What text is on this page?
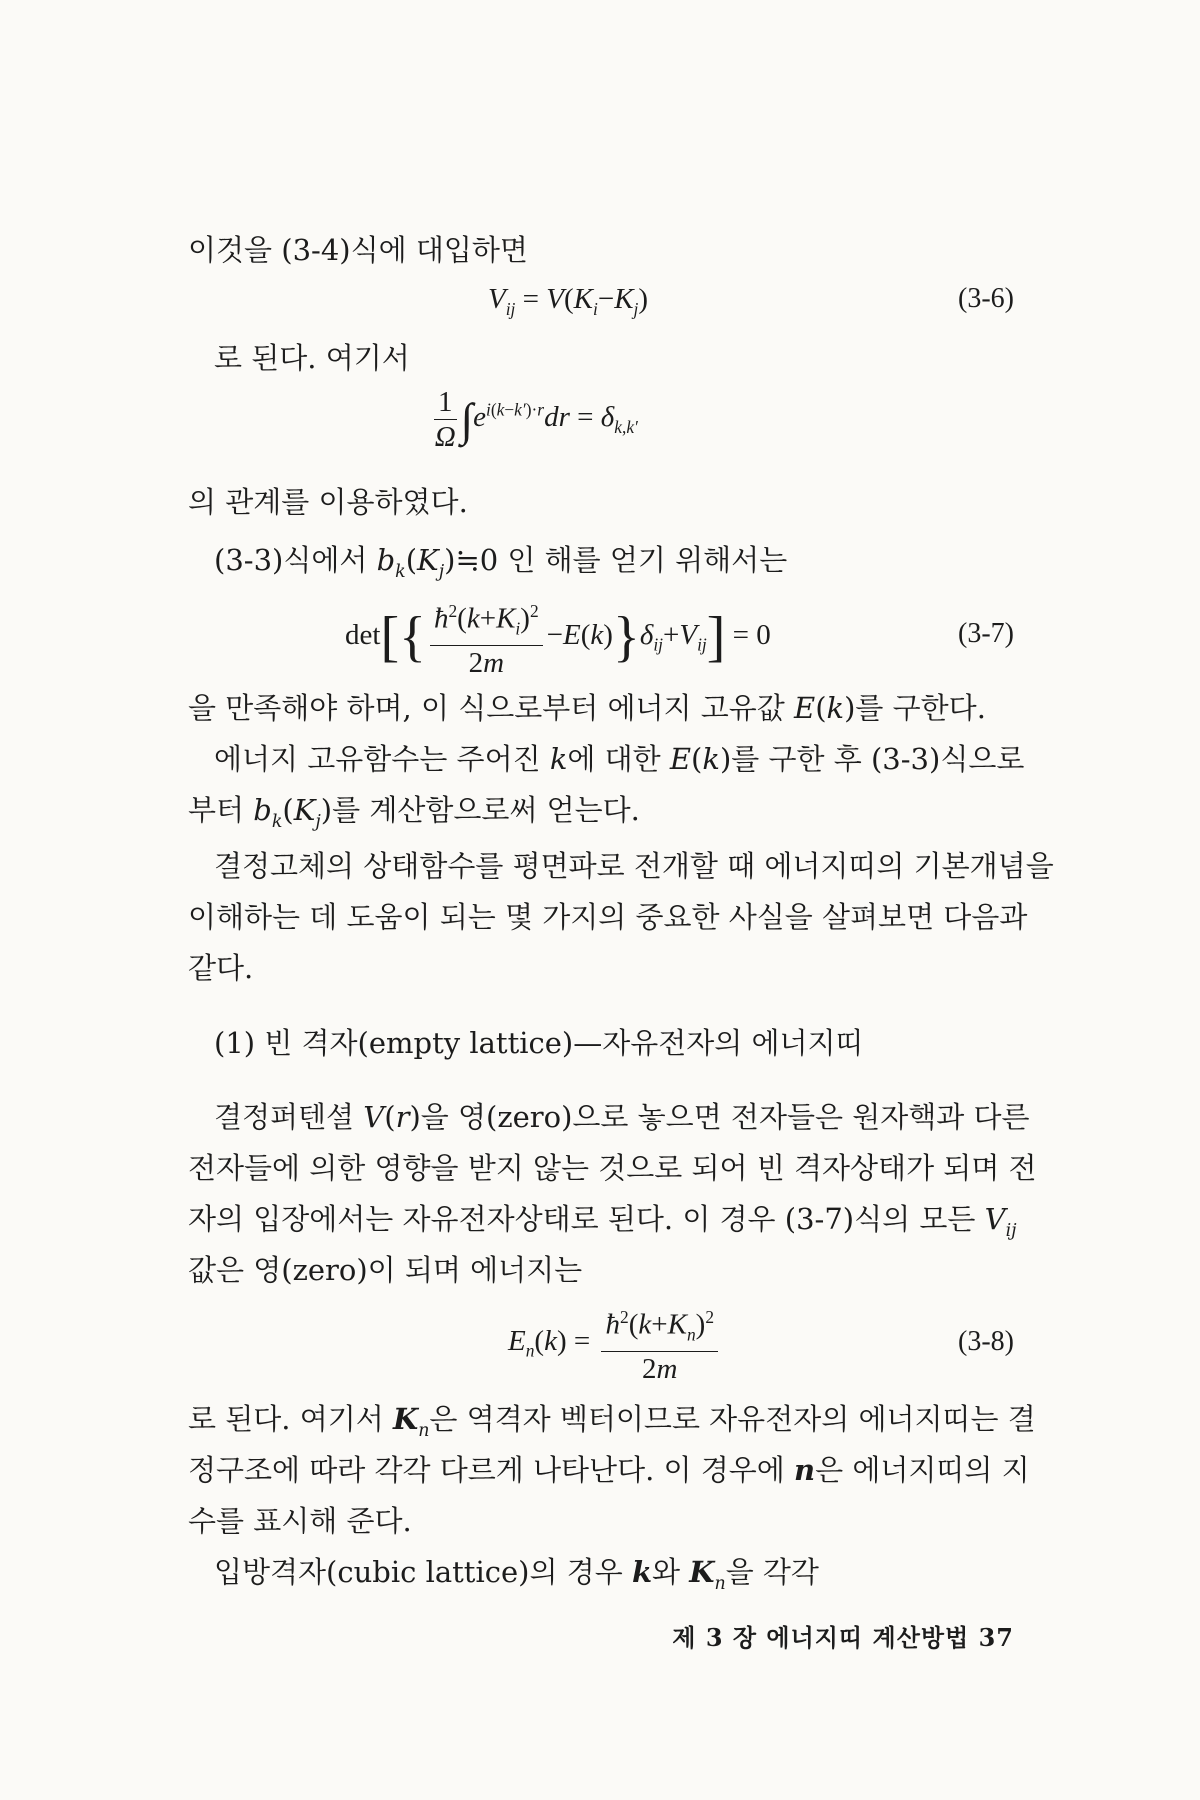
이것을 (3-4)식에 대입하면
$V_{ij} = V(K_i-K_j)$	(3-6)
로 된다. 여기서
$\frac{1}{\Omega} \int e^{i(k-k')\cdot r}dr = \delta_{k,k'}$
의 관계를 이용하였다.
(3-3)식에서 $b_k(K_j)≒0$ 인 해를 얻기 위해서는
$\det[\{ \frac{ħ^2(k+K_i)^2}{2m} -E(k)\}\delta_{ij}+V_{ij}] = 0$	(3-7)
을 만족해야 하며, 이 식으로부터 에너지 고유값 E(k)를 구한다.
에너지 고유함수는 주어진 k에 대한 E(k)를 구한 후 (3-3)식으로
부터 $b_k(K_j)$를 계산함으로써 얻는다.
결정고체의 상태함수를 평면파로 전개할 때 에너지띠의 기본개념을
이해하는 데 도움이 되는 몇 가지의 중요한 사실을 살펴보면 다음과
같다.
(1) 빈 격자(empty lattice)—자유전자의 에너지띠
결정퍼텐셜 V(r)을 영(zero)으로 놓으면 전자들은 원자핵과 다른
전자들에 의한 영향을 받지 않는 것으로 되어 빈 격자상태가 되며 전
자의 입장에서는 자유전자상태로 된다. 이 경우 (3-7)식의 모든 $V_{ij}$
값은 영(zero)이 되며 에너지는
$E_n(k) = \frac{ħ^2(k+K_n)^2}{2m}$	(3-8)
로 된다. 여기서 $K_n$은 역격자 벡터이므로 자유전자의 에너지띠는 결
정구조에 따라 각각 다르게 나타난다. 이 경우에 n은 에너지띠의 지
수를 표시해 준다.
입방격자(cubic lattice)의 경우 k와 $K_n$을 각각
제 3 장 에너지띠 계산방법 37
